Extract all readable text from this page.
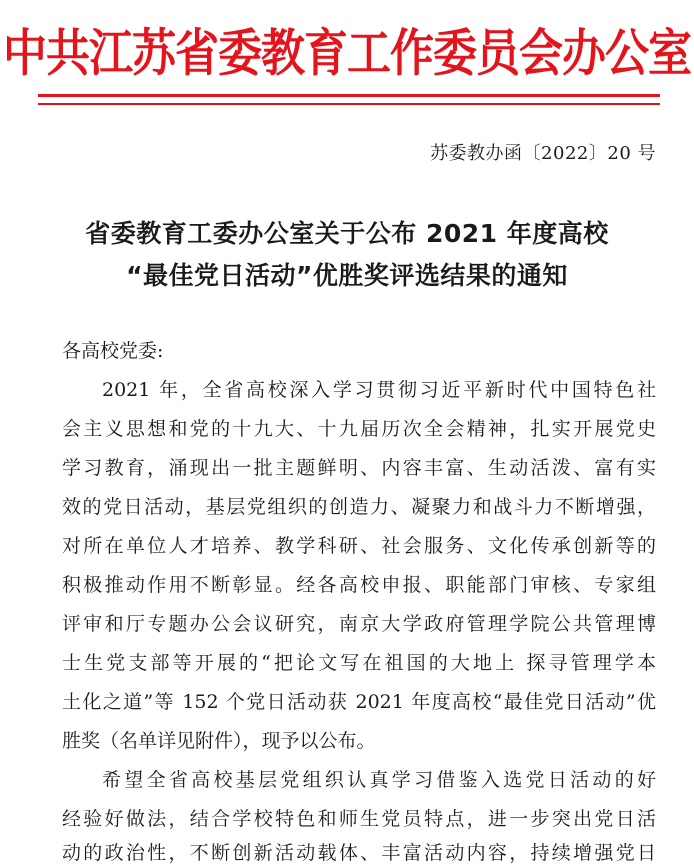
中共江苏省委教育工作委员会办公室
苏委教办函〔2022〕20 号
省委教育工委办公室关于公布 2021 年度高校
“最佳党日活动”优胜奖评选结果的通知
各高校党委:
2021 年，全省高校深入学习贯彻习近平新时代中国特色社
会主义思想和党的十九大、十九届历次全会精神，扎实开展党史
学习教育，涌现出一批主题鲜明、内容丰富、生动活泼、富有实
效的党日活动，基层党组织的创造力、凝聚力和战斗力不断增强，
对所在单位人才培养、教学科研、社会服务、文化传承创新等的
积极推动作用不断彰显。经各高校申报、职能部门审核、专家组
评审和厅专题办公会议研究，南京大学政府管理学院公共管理博
士生党支部等开展的“把论文写在祖国的大地上 探寻管理学本
土化之道”等 152 个党日活动获 2021 年度高校“最佳党日活动”优
胜奖（名单详见附件），现予以公布。
希望全省高校基层党组织认真学习借鉴入选党日活动的好
经验好做法，结合学校特色和师生党员特点，进一步突出党日活
动的政治性，不断创新活动载体、丰富活动内容，持续增强党日
